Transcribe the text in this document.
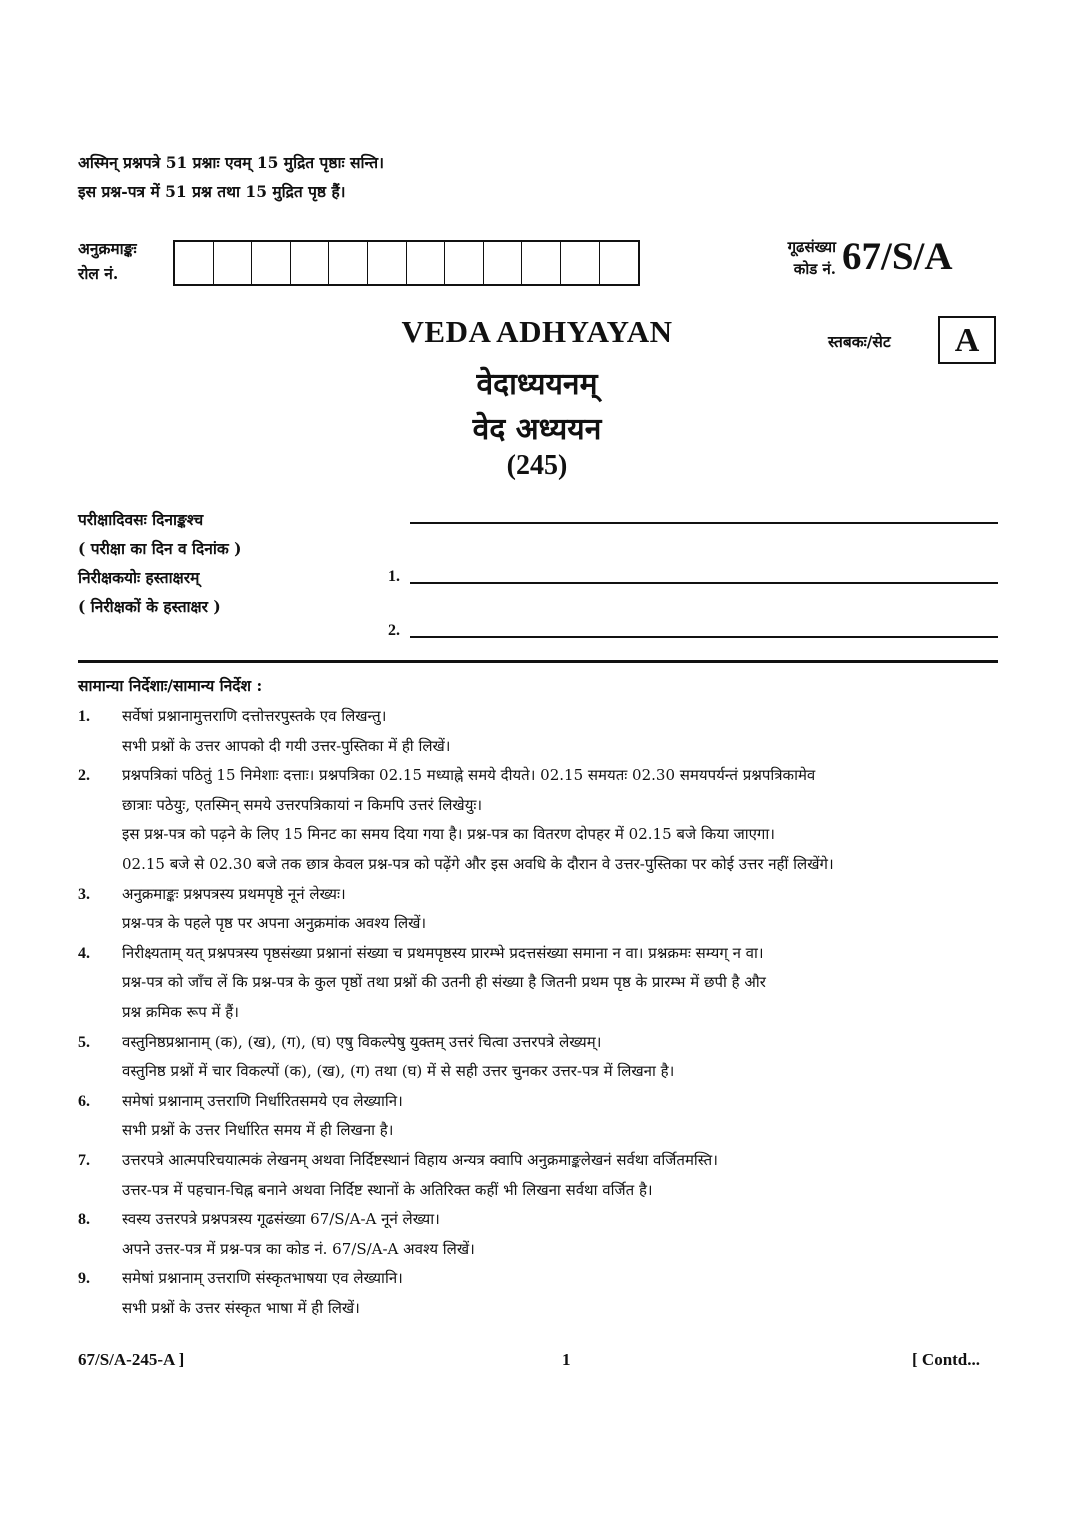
अस्मिन् प्रश्नपत्रे 51 प्रश्नाः एवम् 15 मुद्रित पृष्ठाः सन्ति।
इस प्रश्न-पत्र में 51 प्रश्न तथा 15 मुद्रित पृष्ठ हैं।
अनुक्रमाङ्कः
रोल नं.
गूढसंख्या
कोड नं. 67/S/A
VEDA ADHYAYAN
वेदाध्ययनम्
वेद अध्ययन
(245)
स्तबकः/सेट	A
परीक्षादिवसः दिनाङ्कश्च
( परीक्षा का दिन व दिनांक )
निरीक्षकयोः हस्ताक्षरम्
( निरीक्षकों के हस्ताक्षर )
1.
2.
सामान्या निर्देशाः/सामान्य निर्देश :
1.	सर्वेषां प्रश्नानामुत्तराणि दत्तोत्तरपुस्तके एव लिखन्तु।
सभी प्रश्नों के उत्तर आपको दी गयी उत्तर-पुस्तिका में ही लिखें।
2.	प्रश्नपत्रिकां पठितुं 15 निमेशाः दत्ताः। प्रश्नपत्रिका 02.15 मध्याह्ने समये दीयते। 02.15 समयतः 02.30 समयपर्यन्तं प्रश्नपत्रिकामेव
छात्राः पठेयुः, एतस्मिन् समये उत्तरपत्रिकायां न किमपि उत्तरं लिखेयुः।
इस प्रश्न-पत्र को पढ़ने के लिए 15 मिनट का समय दिया गया है। प्रश्न-पत्र का वितरण दोपहर में 02.15 बजे किया जाएगा।
02.15 बजे से 02.30 बजे तक छात्र केवल प्रश्न-पत्र को पढ़ेंगे और इस अवधि के दौरान वे उत्तर-पुस्तिका पर कोई उत्तर नहीं लिखेंगे।
3.	अनुक्रमाङ्कः प्रश्नपत्रस्य प्रथमपृष्ठे नूनं लेख्यः।
प्रश्न-पत्र के पहले पृष्ठ पर अपना अनुक्रमांक अवश्य लिखें।
4.	निरीक्ष्यताम् यत् प्रश्नपत्रस्य पृष्ठसंख्या प्रश्नानां संख्या च प्रथमपृष्ठस्य प्रारम्भे प्रदत्तसंख्या समाना न वा। प्रश्नक्रमः सम्यग् न वा।
प्रश्न-पत्र को जाँच लें कि प्रश्न-पत्र के कुल पृष्ठों तथा प्रश्नों की उतनी ही संख्या है जितनी प्रथम पृष्ठ के प्रारम्भ में छपी है और
प्रश्न क्रमिक रूप में हैं।
5.	वस्तुनिष्ठप्रश्नानाम् (क), (ख), (ग), (घ) एषु विकल्पेषु युक्तम् उत्तरं चित्वा उत्तरपत्रे लेख्यम्।
वस्तुनिष्ठ प्रश्नों में चार विकल्पों (क), (ख), (ग) तथा (घ) में से सही उत्तर चुनकर उत्तर-पत्र में लिखना है।
6.	समेषां प्रश्नानाम् उत्तराणि निर्धारितसमये एव लेख्यानि।
सभी प्रश्नों के उत्तर निर्धारित समय में ही लिखना है।
7.	उत्तरपत्रे आत्मपरिचयात्मकं लेखनम् अथवा निर्दिष्टस्थानं विहाय अन्यत्र क्वापि अनुक्रमाङ्कलेखनं सर्वथा वर्जितमस्ति।
उत्तर-पत्र में पहचान-चिह्न बनाने अथवा निर्दिष्ट स्थानों के अतिरिक्त कहीं भी लिखना सर्वथा वर्जित है।
8.	स्वस्य उत्तरपत्रे प्रश्नपत्रस्य गूढसंख्या 67/S/A-A नूनं लेख्या।
अपने उत्तर-पत्र में प्रश्न-पत्र का कोड नं. 67/S/A-A अवश्य लिखें।
9.	समेषां प्रश्नानाम् उत्तराणि संस्कृतभाषया एव लेख्यानि।
सभी प्रश्नों के उत्तर संस्कृत भाषा में ही लिखें।
67/S/A-245-A ]	1	[ Contd...
